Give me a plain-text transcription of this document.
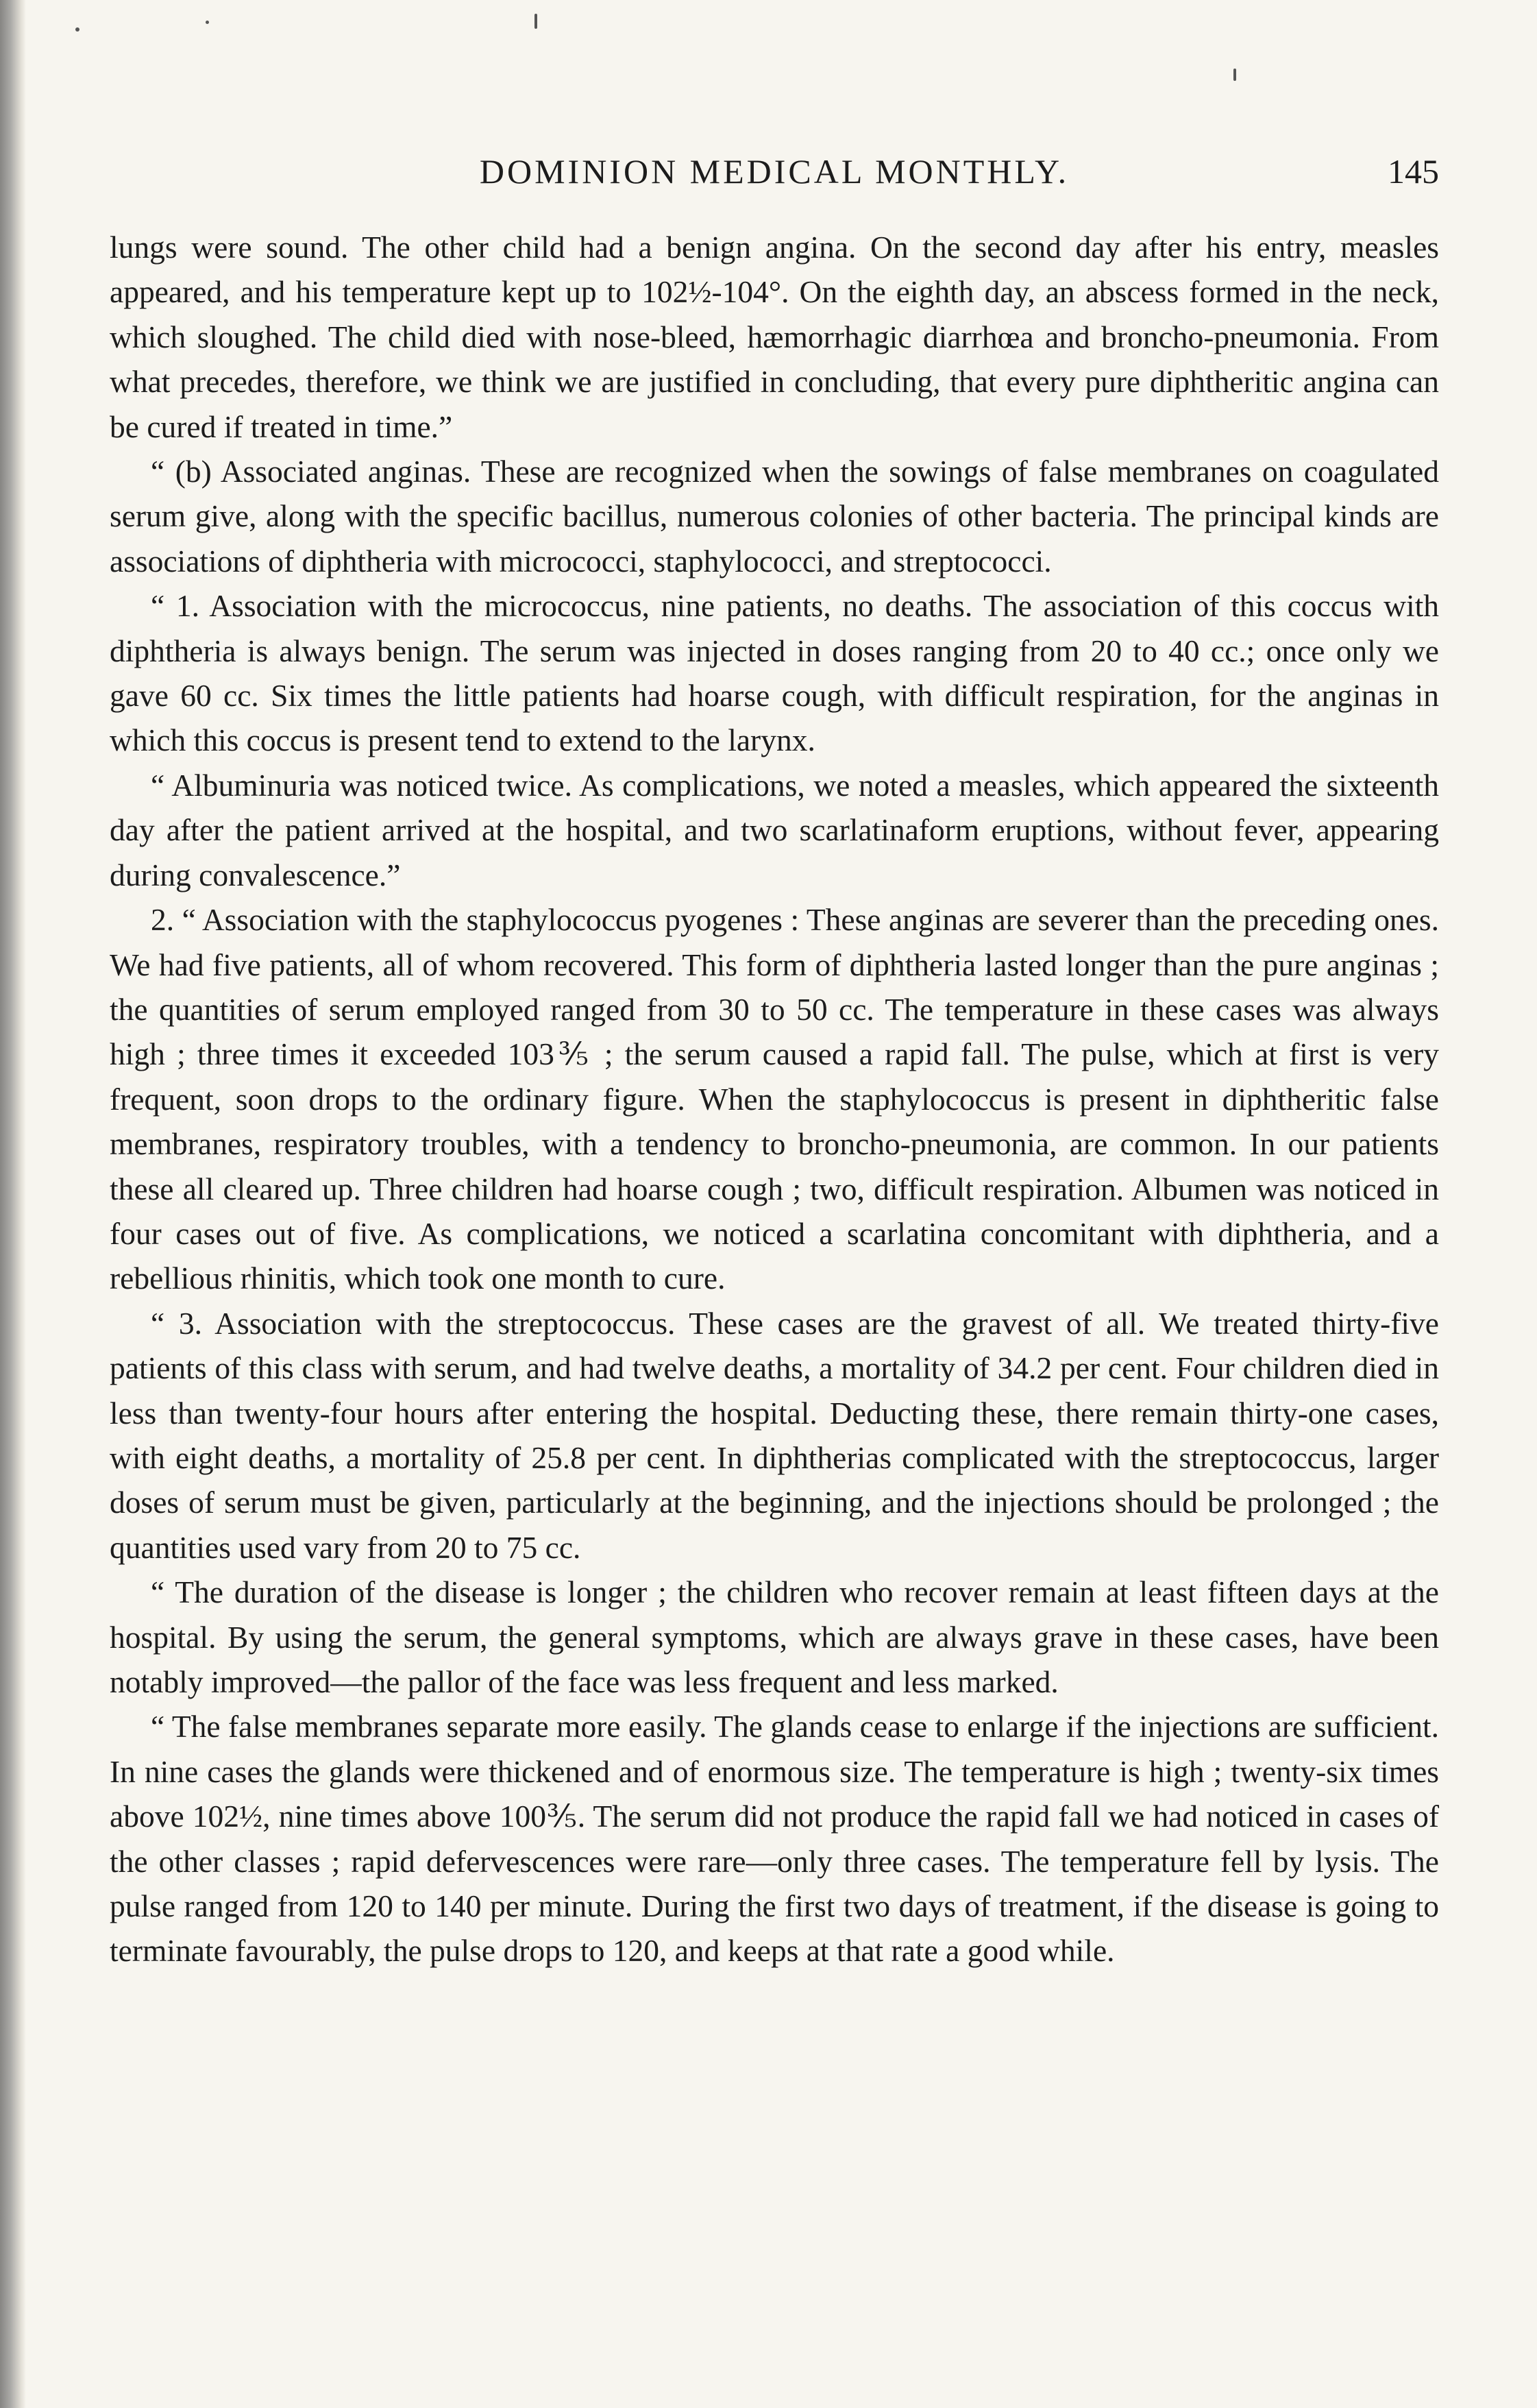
DOMINION MEDICAL MONTHLY.	145

lungs were sound. The other child had a benign angina. On the second day after his entry, measles appeared, and his temperature kept up to 102½-104°. On the eighth day, an abscess formed in the neck, which sloughed. The child died with nose-bleed, hæmorrhagic diarrhœa and broncho-pneumonia. From what precedes, therefore, we think we are justified in concluding, that every pure diphtheritic angina can be cured if treated in time.”

“ (b) Associated anginas. These are recognized when the sowings of false membranes on coagulated serum give, along with the specific bacillus, numerous colonies of other bacteria. The principal kinds are associations of diphtheria with micrococci, staphylococci, and streptococci.

“ 1. Association with the micrococcus, nine patients, no deaths. The association of this coccus with diphtheria is always benign. The serum was injected in doses ranging from 20 to 40 cc.; once only we gave 60 cc. Six times the little patients had hoarse cough, with difficult respiration, for the anginas in which this coccus is present tend to extend to the larynx.

“ Albuminuria was noticed twice. As complications, we noted a measles, which appeared the sixteenth day after the patient arrived at the hospital, and two scarlatinaform eruptions, without fever, appearing during convalescence.”

2. “ Association with the staphylococcus pyogenes : These anginas are severer than the preceding ones. We had five patients, all of whom recovered. This form of diphtheria lasted longer than the pure anginas ; the quantities of serum employed ranged from 30 to 50 cc. The temperature in these cases was always high ; three times it exceeded 103⅗ ; the serum caused a rapid fall. The pulse, which at first is very frequent, soon drops to the ordinary figure. When the staphylococcus is present in diphtheritic false membranes, respiratory troubles, with a tendency to broncho-pneumonia, are common. In our patients these all cleared up. Three children had hoarse cough ; two, difficult respiration. Albumen was noticed in four cases out of five. As complications, we noticed a scarlatina concomitant with diphtheria, and a rebellious rhinitis, which took one month to cure.

“ 3. Association with the streptococcus. These cases are the gravest of all. We treated thirty-five patients of this class with serum, and had twelve deaths, a mortality of 34.2 per cent. Four children died in less than twenty-four hours after entering the hospital. Deducting these, there remain thirty-one cases, with eight deaths, a mortality of 25.8 per cent. In diphtherias complicated with the streptococcus, larger doses of serum must be given, particularly at the beginning, and the injections should be prolonged ; the quantities used vary from 20 to 75 cc.

“ The duration of the disease is longer ; the children who recover remain at least fifteen days at the hospital. By using the serum, the general symptoms, which are always grave in these cases, have been notably improved—the pallor of the face was less frequent and less marked.

“ The false membranes separate more easily. The glands cease to enlarge if the injections are sufficient. In nine cases the glands were thickened and of enormous size. The temperature is high ; twenty-six times above 102½, nine times above 100⅗. The serum did not produce the rapid fall we had noticed in cases of the other classes ; rapid defervescences were rare—only three cases. The temperature fell by lysis. The pulse ranged from 120 to 140 per minute. During the first two days of treatment, if the disease is going to terminate favourably, the pulse drops to 120, and keeps at that rate a good while.
